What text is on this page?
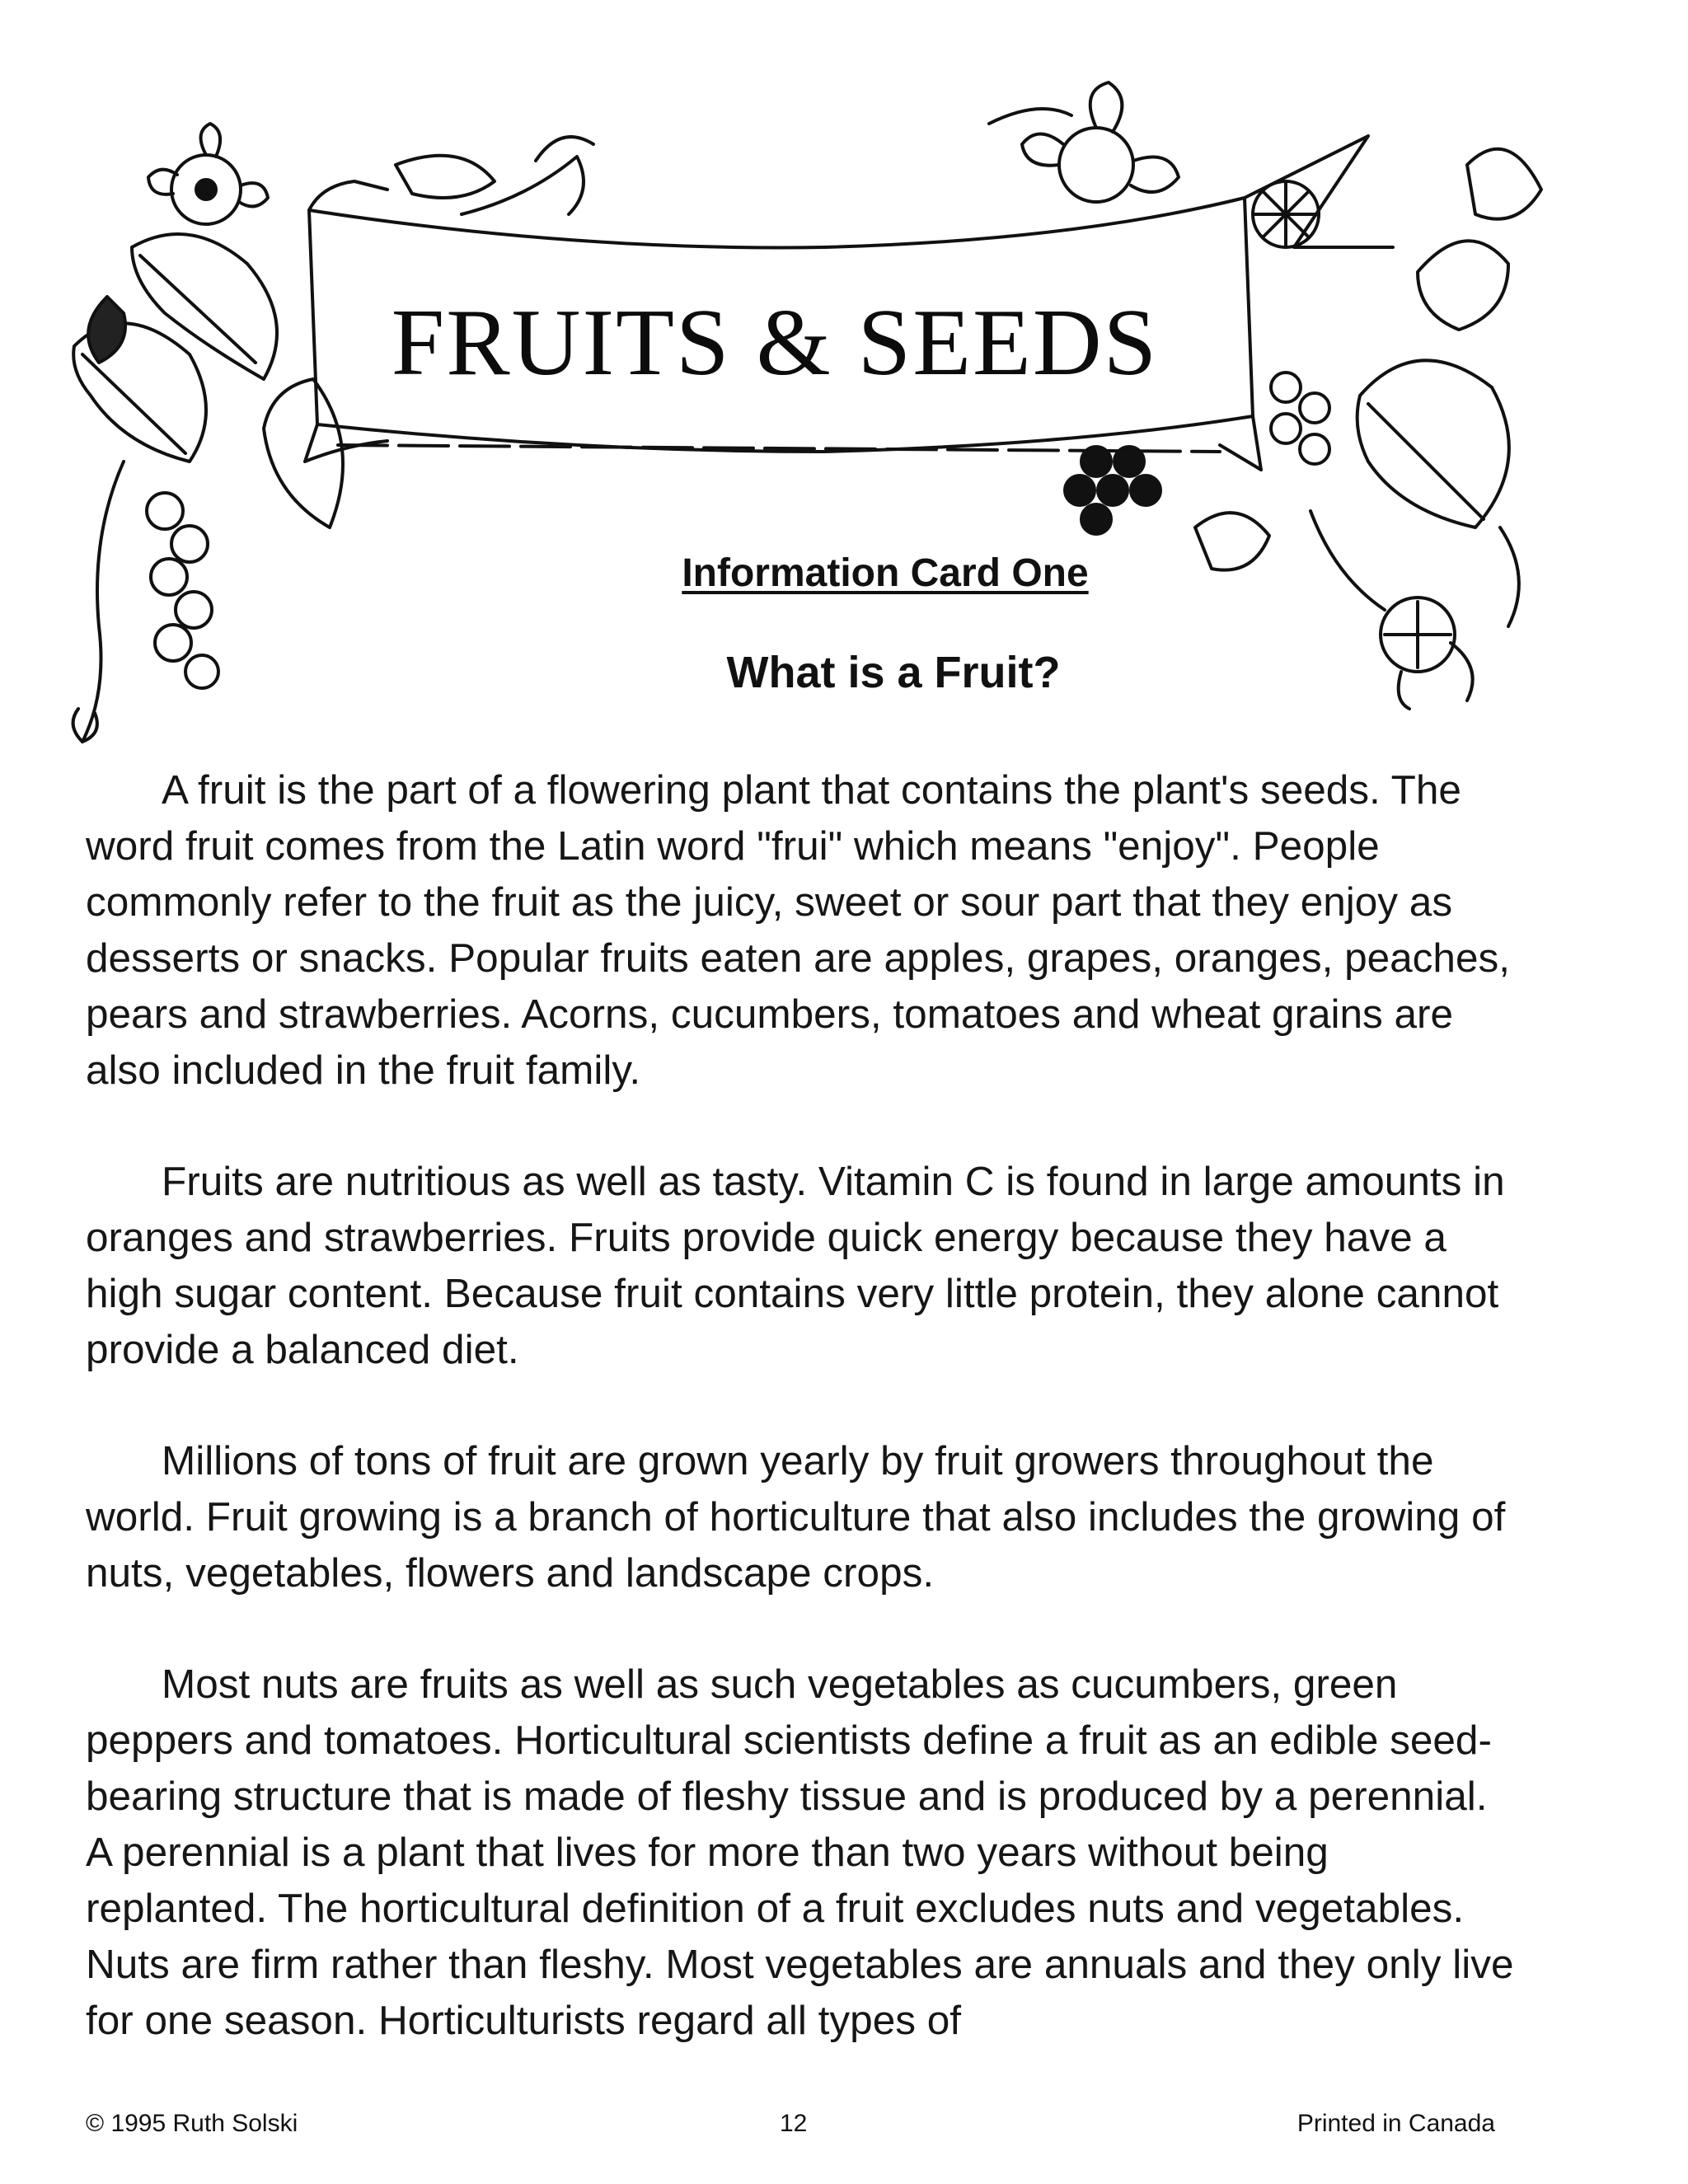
FRUITS & SEEDS
Information Card One
What is a Fruit?

A fruit is the part of a flowering plant that contains the plant's seeds. The word fruit comes from the Latin word "frui" which means "enjoy". People commonly refer to the fruit as the juicy, sweet or sour part that they enjoy as desserts or snacks. Popular fruits eaten are apples, grapes, oranges, peaches, pears and strawberries. Acorns, cucumbers, tomatoes and wheat grains are also included in the fruit family.

Fruits are nutritious as well as tasty. Vitamin C is found in large amounts in oranges and strawberries. Fruits provide quick energy because they have a high sugar content. Because fruit contains very little protein, they alone cannot provide a balanced diet.

Millions of tons of fruit are grown yearly by fruit growers throughout the world. Fruit growing is a branch of horticulture that also includes the growing of nuts, vegetables, flowers and landscape crops.

Most nuts are fruits as well as such vegetables as cucumbers, green peppers and tomatoes. Horticultural scientists define a fruit as an edible seed-bearing structure that is made of fleshy tissue and is produced by a perennial. A perennial is a plant that lives for more than two years without being replanted. The horticultural definition of a fruit excludes nuts and vegetables. Nuts are firm rather than fleshy. Most vegetables are annuals and they only live for one season. Horticulturists regard all types of

© 1995 Ruth Solski	12	Printed in Canada
